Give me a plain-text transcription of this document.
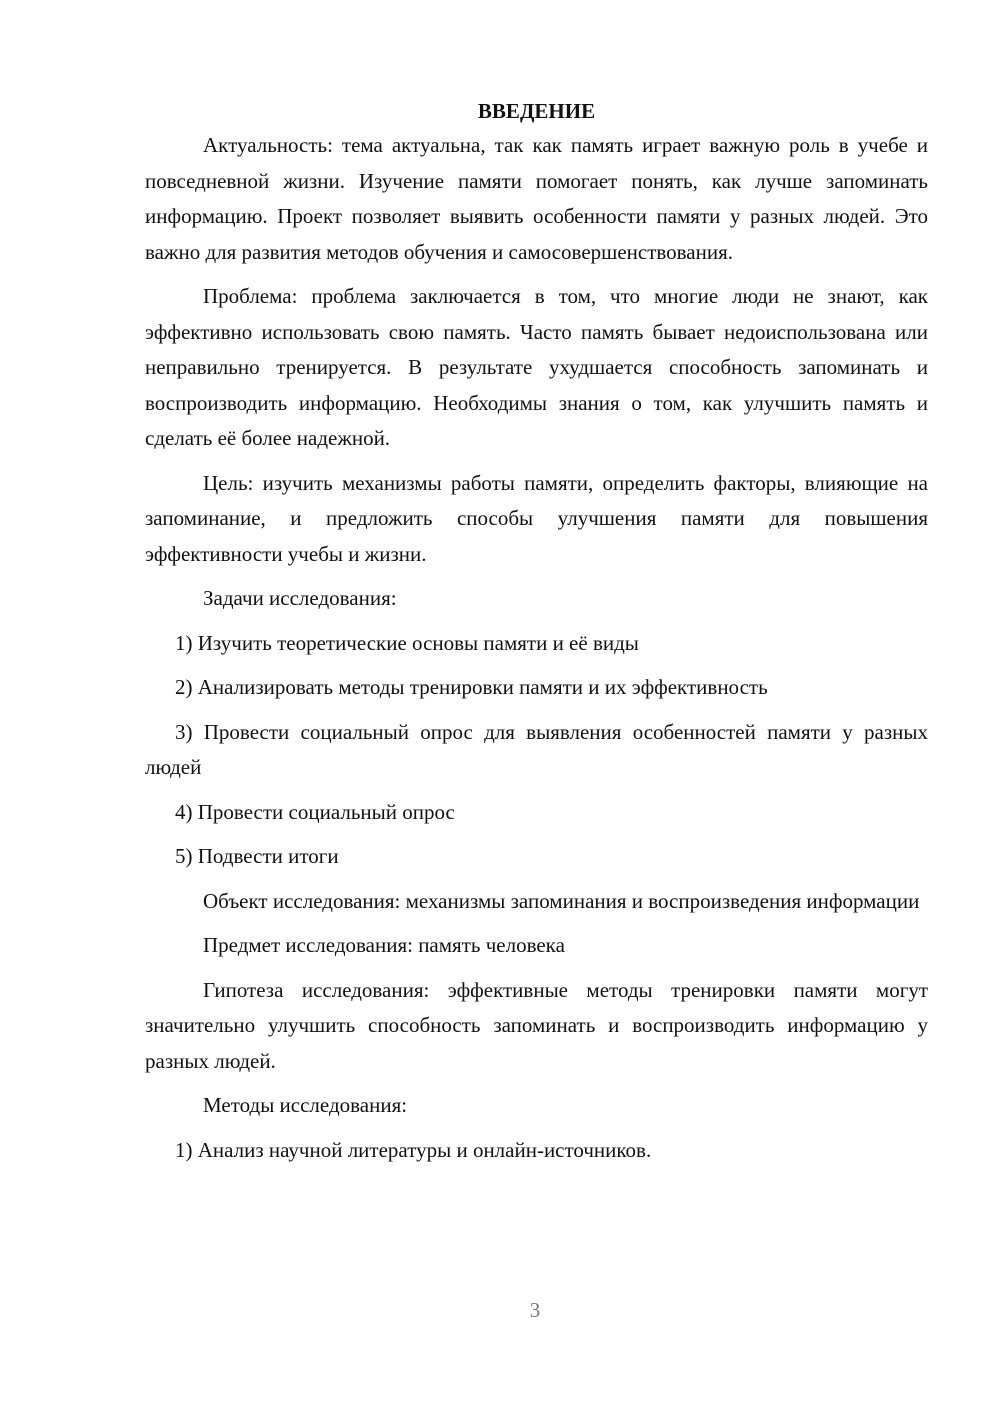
ВВЕДЕНИЕ

Актуальность: тема актуальна, так как память играет важную роль в учебе и повседневной жизни. Изучение памяти помогает понять, как лучше запоминать информацию. Проект позволяет выявить особенности памяти у разных людей. Это важно для развития методов обучения и самосовершенствования.

Проблема: проблема заключается в том, что многие люди не знают, как эффективно использовать свою память. Часто память бывает недоиспользована или неправильно тренируется. В результате ухудшается способность запоминать и воспроизводить информацию. Необходимы знания о том, как улучшить память и сделать её более надежной.

Цель: изучить механизмы работы памяти, определить факторы, влияющие на запоминание, и предложить способы улучшения памяти для повышения эффективности учебы и жизни.

Задачи исследования:

1) Изучить теоретические основы памяти и её виды

2) Анализировать методы тренировки памяти и их эффективность

3) Провести социальный опрос для выявления особенностей памяти у разных людей

4) Провести социальный опрос

5) Подвести итоги

Объект исследования: механизмы запоминания и воспроизведения информации

Предмет исследования: память человека

Гипотеза исследования: эффективные методы тренировки памяти могут значительно улучшить способность запоминать и воспроизводить информацию у разных людей.

Методы исследования:

1) Анализ научной литературы и онлайн-источников.

3
